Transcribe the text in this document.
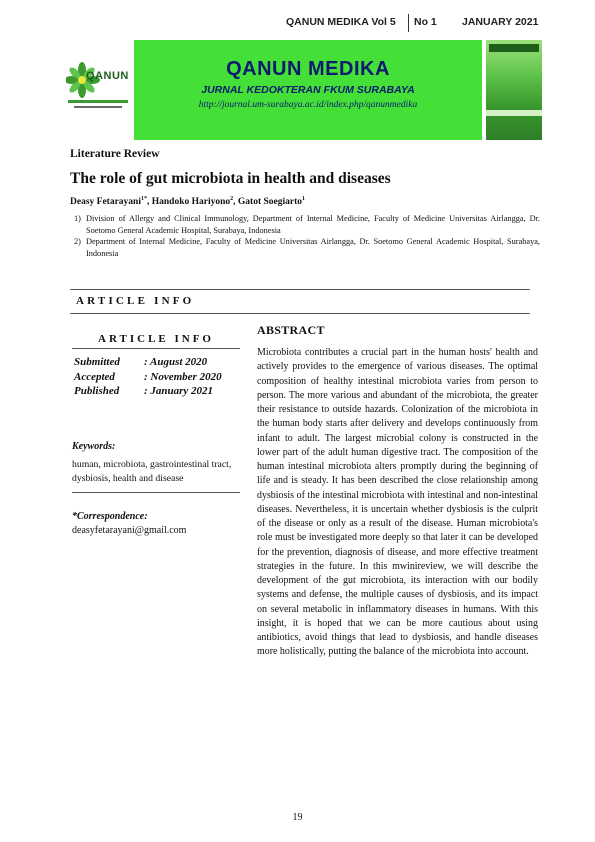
QANUN MEDIKA Vol 5 No 1 JANUARY 2021
QANUN	QANUN MEDIKA
JURNAL KEDOKTERAN FKUM SURABAYA
http://journal.um-surabaya.ac.id/index.php/qanunmedika
Literature Review
The role of gut microbiota in health and diseases
Deasy Fetarayani$^{1*}$, Handoko Hariyono$^2$, Gatot Soegiarto$^1$
1) Division of Allergy and Clinical Immunology, Department of Internal Medicine, Faculty of Medicine Universitas Airlangga, Dr. Soetomo General Academic Hospital, Surabaya, Indonesia
2) Department of Internal Medicine, Faculty of Medicine Universitas Airlangga, Dr. Soetomo General Academic Hospital, Surabaya, Indonesia
ARTICLE INFO
ARTICLE INFO
Submitted : August 2020
Accepted	: November 2020
Published : January 2021
Keywords:
human, microbiota, gastrointestinal tract, dysbiosis, health and disease
*Correspondence:
deasyfetarayani@gmail.com
ABSTRACT
Microbiota contributes a crucial part in the human hosts' health and actively provides to the emergence of various diseases. The optimal composition of healthy intestinal microbiota varies from person to person. The more various and abundant of the microbiota, the greater their resistance to outside hazards. Colonization of the microbiota in the human body starts after delivery and develops continuously from infant to adult. The largest microbial colony is constructed in the lower part of the adult human digestive tract. The composition of the human intestinal microbiota alters promptly during the beginning of life and is steady. It has been described the close relationship among dysbiosis of the intestinal microbiota with intestinal and non-intestinal diseases. Nevertheless, it is uncertain whether dysbiosis is the culprit of the disease or only as a result of the disease. Human microbiota's role must be investigated more deeply so that later it can be developed for the prevention, diagnosis of disease, and more effective treatment strategies in the future. In this mwinireview, we will describe the development of the gut microbiota, its interaction with our bodily systems and defense, the multiple causes of dysbiosis, and its impact on several metabolic in inflammatory diseases in humans. With this insight, it is hoped that we can be more cautious about using antibiotics, avoid things that lead to dysbiosis, and handle diseases more holistically, putting the balance of the microbiota into account.
19
